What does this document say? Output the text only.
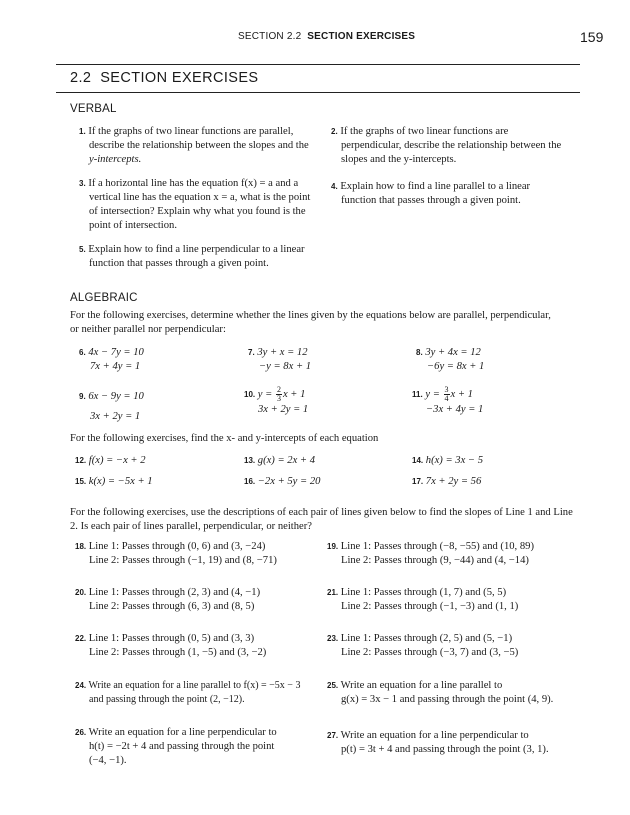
SECTION 2.2 SECTION EXERCISES	159
2.2 SECTION EXERCISES
VERBAL
1. If the graphs of two linear functions are parallel,
describe the relationship between the slopes and the
y-intercepts.
2. If the graphs of two linear functions are
perpendicular, describe the relationship between the
slopes and the y-intercepts.
3. If a horizontal line has the equation f(x) = a and a
vertical line has the equation x = a, what is the point
of intersection? Explain why what you found is the
point of intersection.
4. Explain how to find a line parallel to a linear
function that passes through a given point.
5. Explain how to find a line perpendicular to a linear
function that passes through a given point.
ALGEBRAIC
For the following exercises, determine whether the lines given by the equations below are parallel, perpendicular,
or neither parallel nor perpendicular:
6. 4x − 7y = 10
7x + 4y = 1
7. 3y + x = 12
−y = 8x + 1
8. 3y + 4x = 12
−6y = 8x + 1
9. 6x − 9y = 10

3x + 2y = 1
10. $y = \frac{2}{3}$ x + 1
3x + 2y = 1
11. $y = \frac{3}{4}$ x + 1
−3x + 4y = 1
For the following exercises, find the x- and y-intercepts of each equation
12. f(x) = −x + 2	13. g(x) = 2x + 4	14. h(x) = 3x − 5
15. k(x) = −5x + 1	16. −2x + 5y = 20	17. 7x + 2y = 56
For the following exercises, use the descriptions of each pair of lines given below to find the slopes of Line 1 and Line
2. Is each pair of lines parallel, perpendicular, or neither?
18. Line 1: Passes through (0, 6) and (3, −24)
Line 2: Passes through (−1, 19) and (8, −71)
19. Line 1: Passes through (−8, −55) and (10, 89)
Line 2: Passes through (9, −44) and (4, −14)
20. Line 1: Passes through (2, 3) and (4, −1)
Line 2: Passes through (6, 3) and (8, 5)
21. Line 1: Passes through (1, 7) and (5, 5)
Line 2: Passes through (−1, −3) and (1, 1)
22. Line 1: Passes through (0, 5) and (3, 3)
Line 2: Passes through (1, −5) and (3, −2)
23. Line 1: Passes through (2, 5) and (5, −1)
Line 2: Passes through (−3, 7) and (3, −5)
24. Write an equation for a line parallel to f(x) = −5x − 3
and passing through the point (2, −12).
25. Write an equation for a line parallel to
g(x) = 3x − 1 and passing through the point (4, 9).
26. Write an equation for a line perpendicular to
h(t) = −2t + 4 and passing through the point
(−4, −1).
27. Write an equation for a line perpendicular to
p(t) = 3t + 4 and passing through the point (3, 1).
